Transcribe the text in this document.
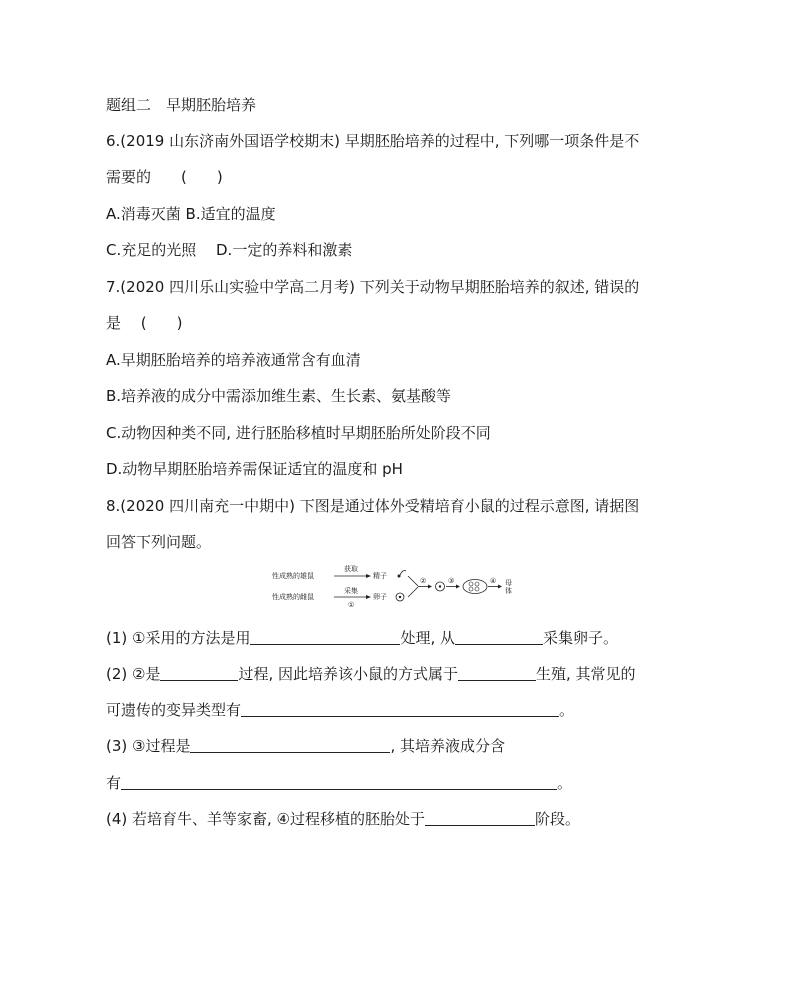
题组二　早期胚胎培养
6.(2019 山东济南外国语学校期末) 早期胚胎培养的过程中, 下列哪一项条件是不
需要的　　(　　)
A.消毒灭菌 B.适宜的温度
C.充足的光照　 D.一定的养料和激素
7.(2020 四川乐山实验中学高二月考) 下列关于动物早期胚胎培养的叙述, 错误的
是　 (　　)
A.早期胚胎培养的培养液通常含有血清
B.培养液的成分中需添加维生素、生长素、氨基酸等
C.动物因种类不同, 进行胚胎移植时早期胚胎所处阶段不同
D.动物早期胚胎培养需保证适宜的温度和 pH
8.(2020 四川南充一中期中) 下图是通过体外受精培育小鼠的过程示意图, 请据图
回答下列问题。
性成熟的雄鼠
性成熟的雌鼠
获取
采集
①
精子
卵子
②	③	④ 母体
(1) ①采用的方法是用	处理, 从	采集卵子。
(2) ②是	过程, 因此培养该小鼠的方式属于	生殖, 其常见的
可遗传的变异类型有	。
(3) ③过程是	, 其培养液成分含
有	。
(4) 若培育牛、羊等家畜, ④过程移植的胚胎处于	阶段。
